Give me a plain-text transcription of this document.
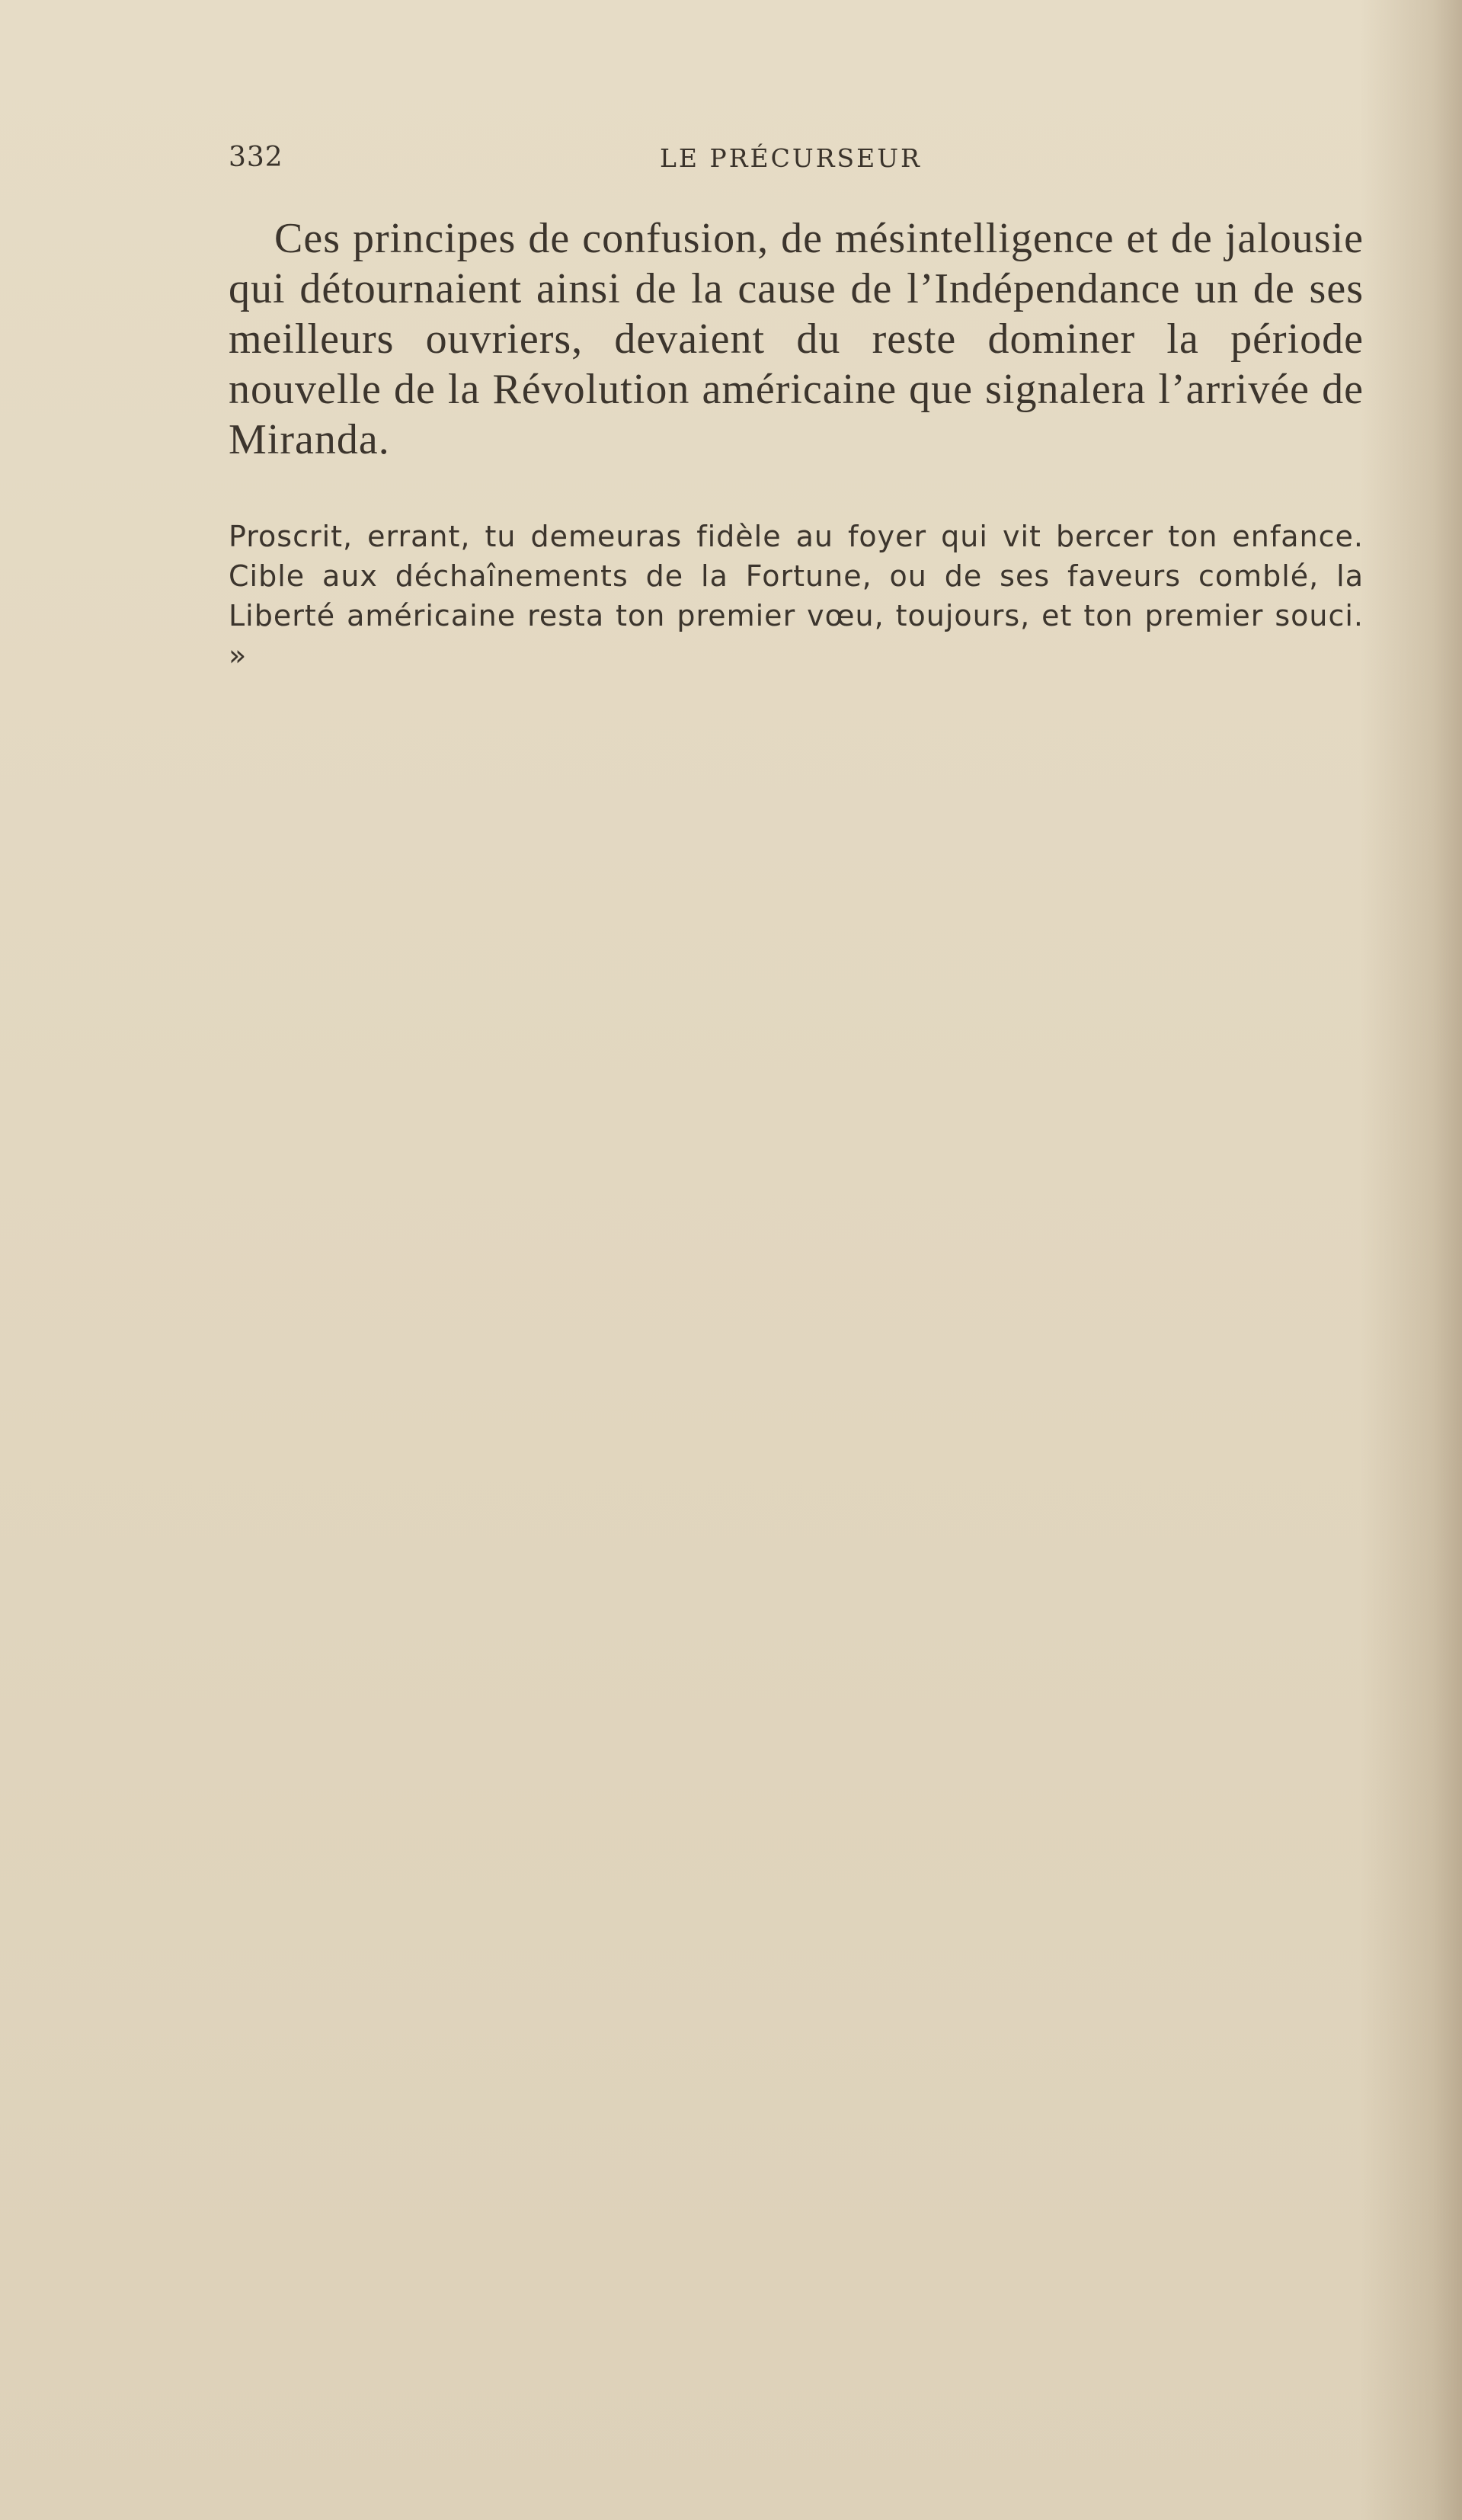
332	LE PRÉCURSEUR

Ces principes de confusion, de mésintelligence et de jalousie qui détournaient ainsi de la cause de l’Indépendance un de ses meilleurs ouvriers, devaient du reste dominer la période nouvelle de la Révolution américaine que signalera l’arrivée de Miranda.

Proscrit, errant, tu demeuras fidèle au foyer qui vit bercer ton enfance. Cible aux déchaînements de la Fortune, ou de ses faveurs comblé, la Liberté américaine resta ton premier vœu, toujours, et ton premier souci. »
